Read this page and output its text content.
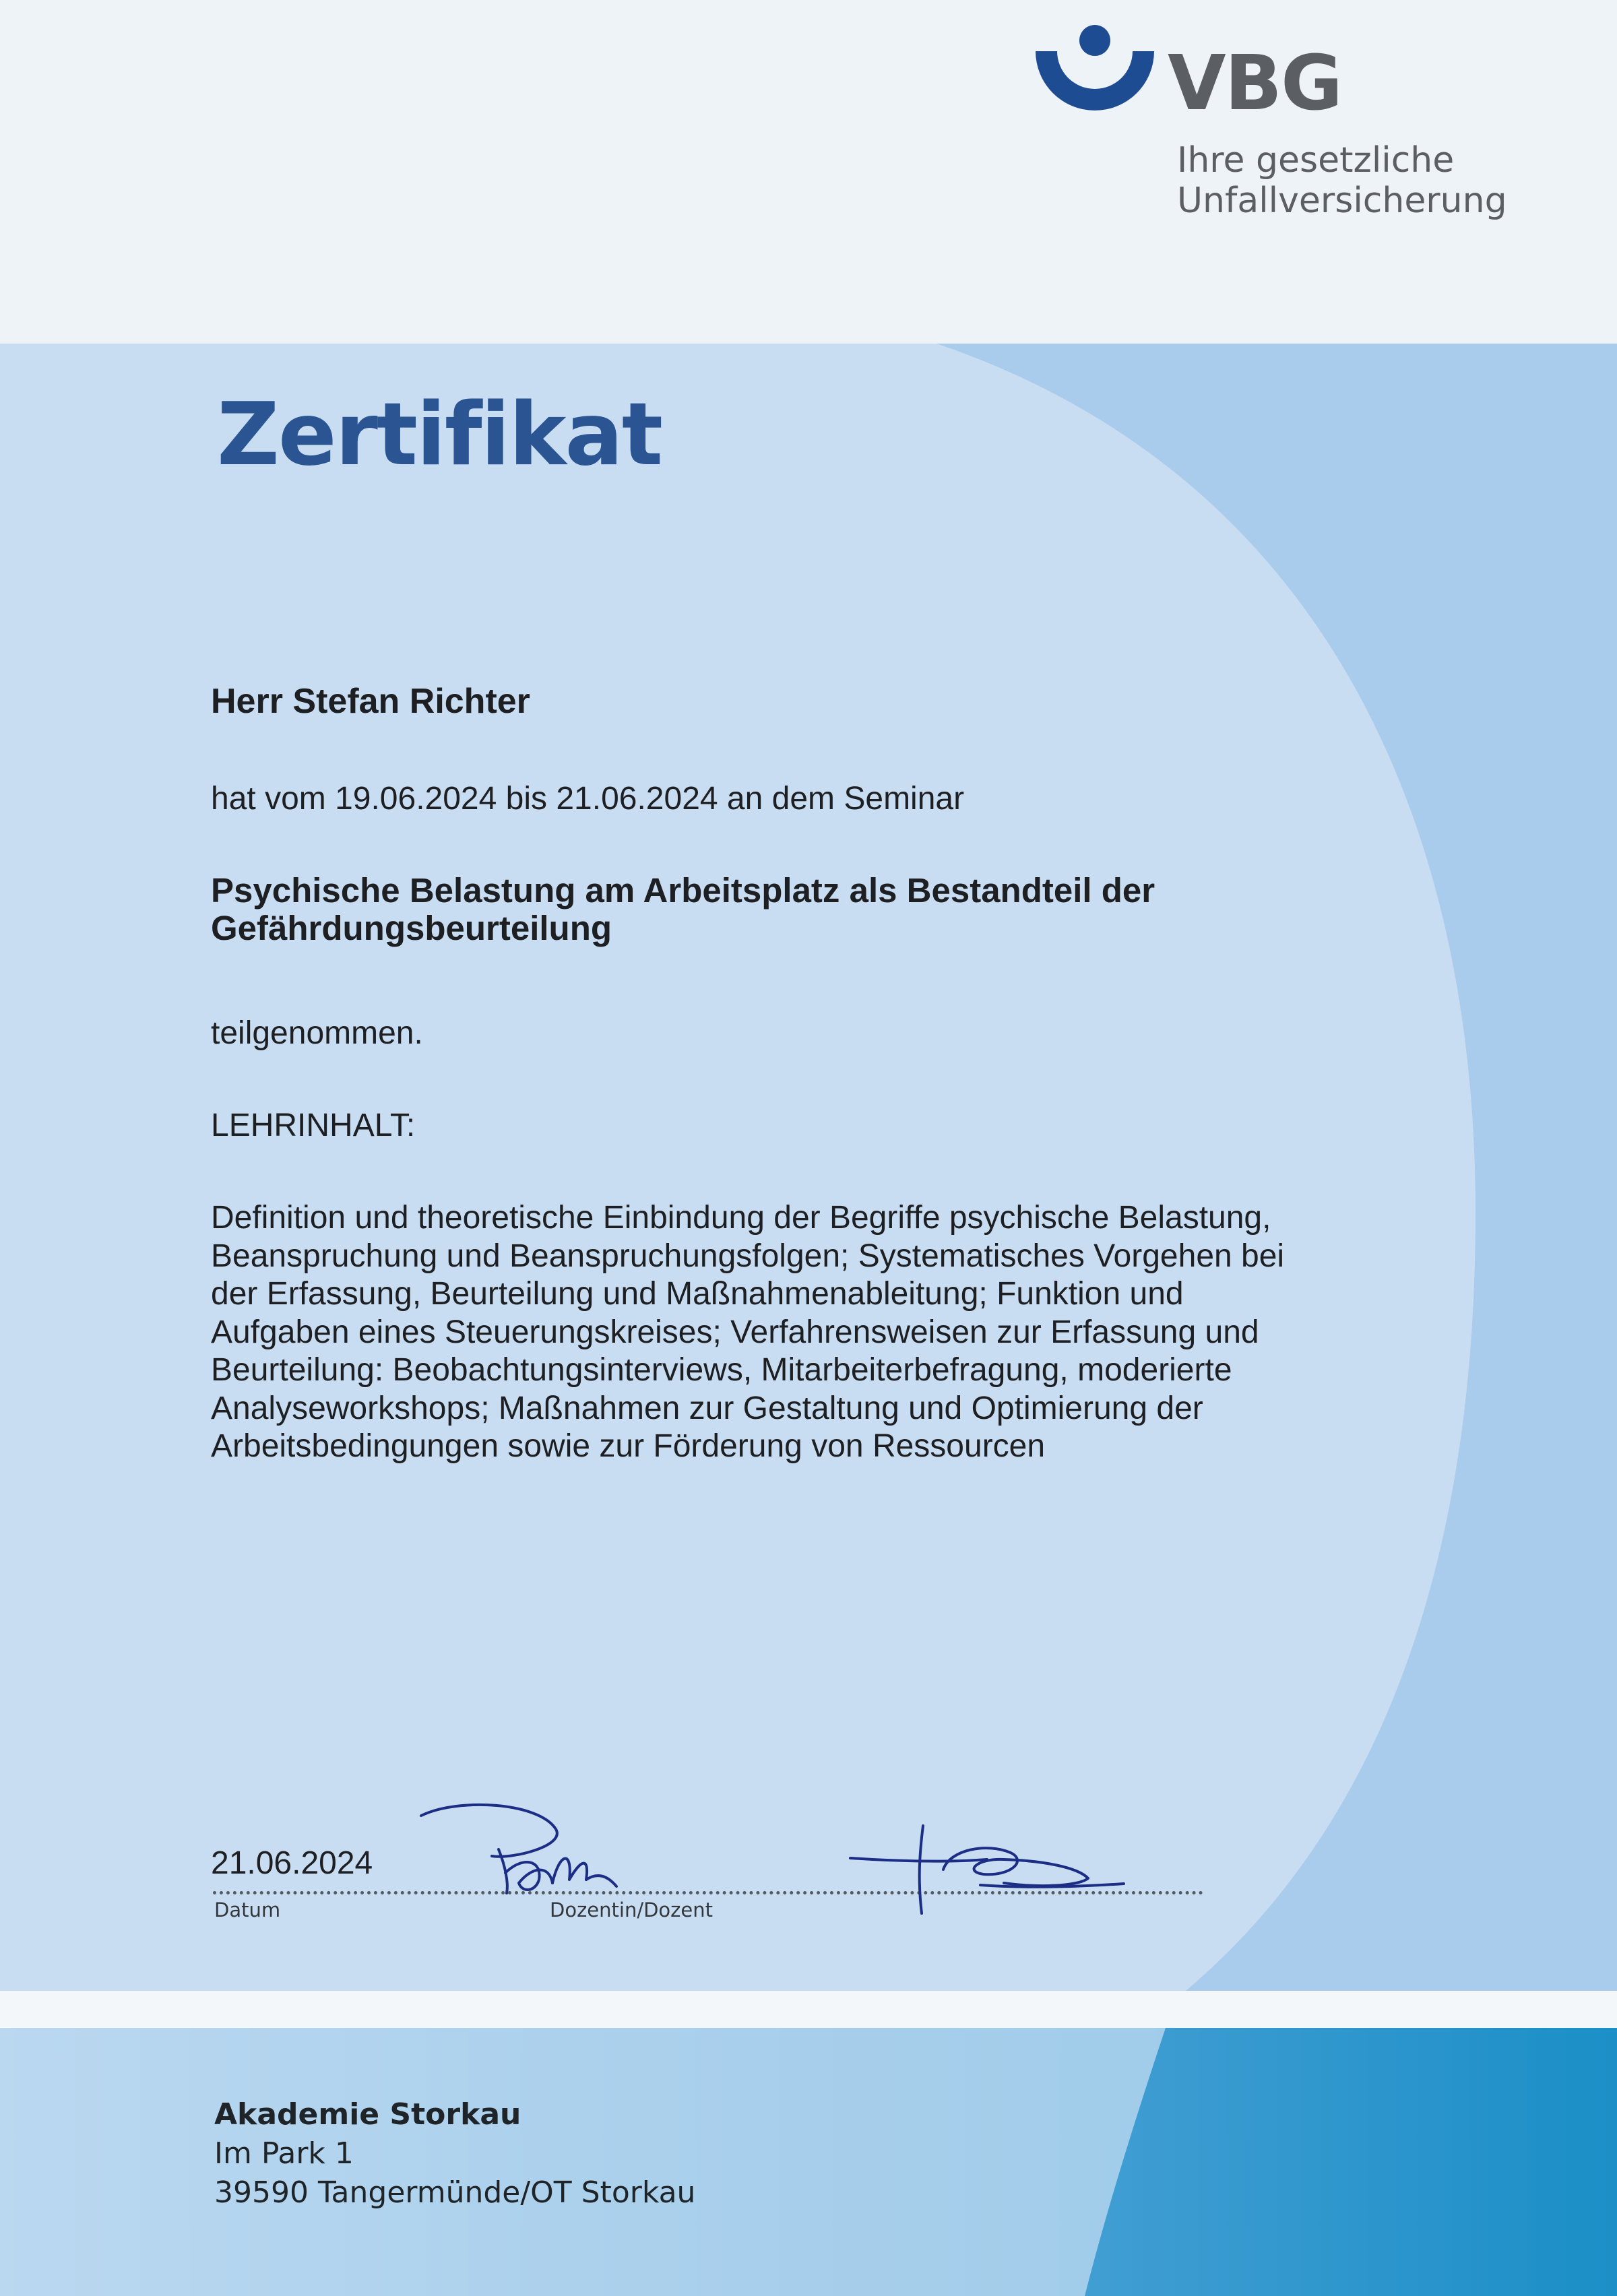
VBG
Ihre gesetzliche
Unfallversicherung
Zertifikat
Herr Stefan Richter
hat vom 19.06.2024 bis 21.06.2024 an dem Seminar
Psychische Belastung am Arbeitsplatz als Bestandteil der
Gefährdungsbeurteilung
teilgenommen.
LEHRINHALT:
Definition und theoretische Einbindung der Begriffe psychische Belastung,
Beanspruchung und Beanspruchungsfolgen; Systematisches Vorgehen bei
der Erfassung, Beurteilung und Maßnahmenableitung; Funktion und
Aufgaben eines Steuerungskreises; Verfahrensweisen zur Erfassung und
Beurteilung: Beobachtungsinterviews, Mitarbeiterbefragung, moderierte
Analyseworkshops; Maßnahmen zur Gestaltung und Optimierung der
Arbeitsbedingungen sowie zur Förderung von Ressourcen
21.06.2024
Datum	Dozentin/Dozent
Akademie Storkau
Im Park 1
39590 Tangermünde/OT Storkau
